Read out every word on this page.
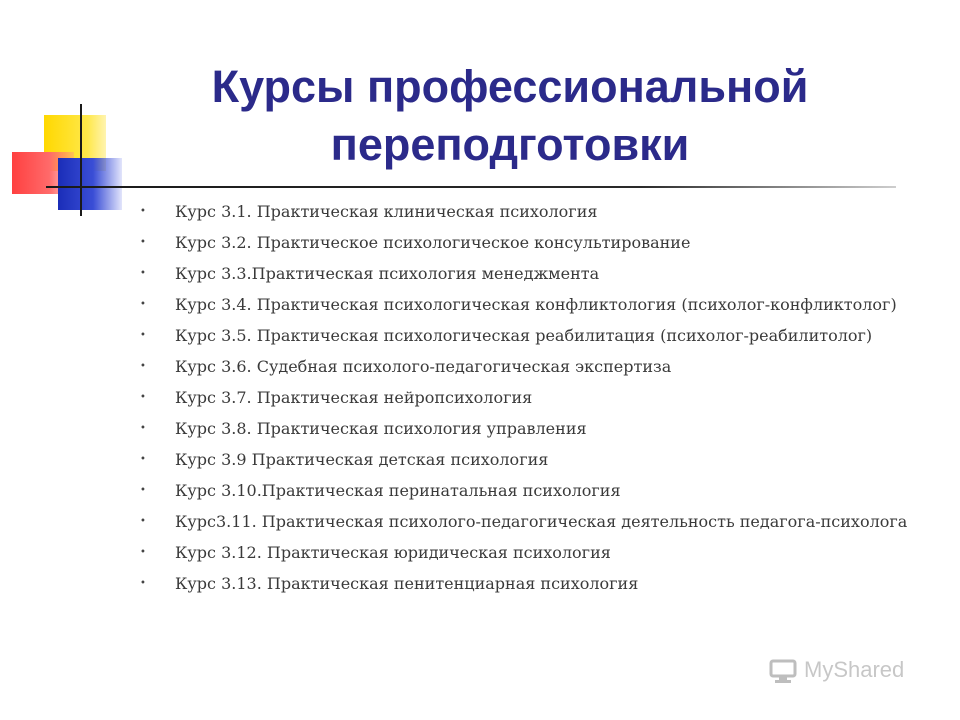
Курсы профессиональной переподготовки
• Курс 3.1. Практическая клиническая психология
• Курс 3.2. Практическое психологическое консультирование
• Курс 3.3.Практическая психология менеджмента
• Курс 3.4. Практическая психологическая конфликтология (психолог-конфликтолог)
• Курс 3.5. Практическая психологическая реабилитация (психолог-реабилитолог)
• Курс 3.6. Судебная психолого-педагогическая экспертиза
• Курс 3.7. Практическая нейропсихология
• Курс 3.8. Практическая психология управления
• Курс 3.9 Практическая детская психология
• Курс 3.10.Практическая перинатальная психология
• Курс3.11. Практическая психолого-педагогическая деятельность педагога-психолога
• Курс 3.12. Практическая юридическая психология
• Курс 3.13. Практическая пенитенциарная психология
MyShared
